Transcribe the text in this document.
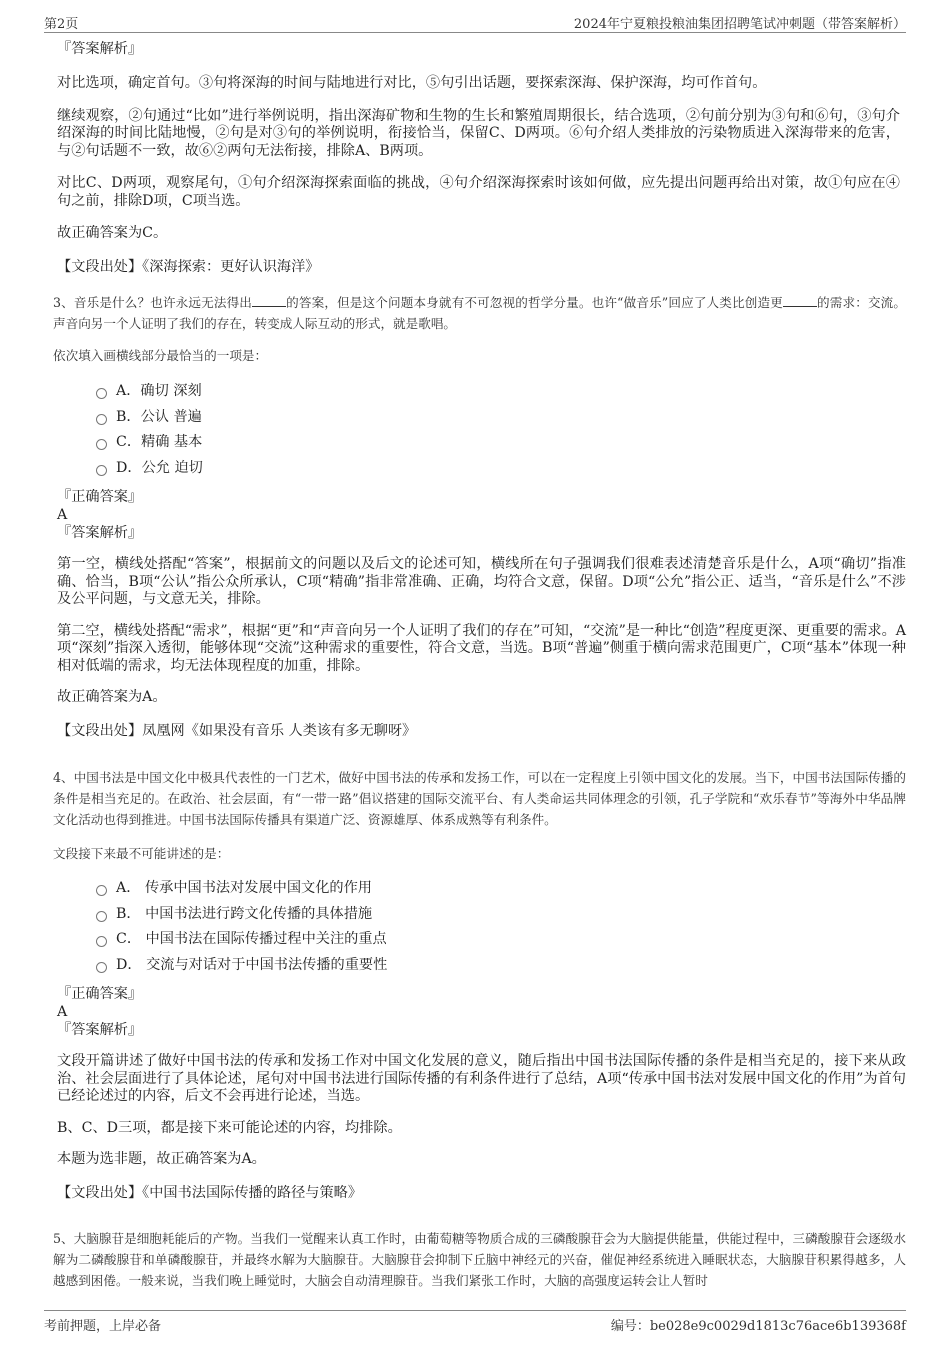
第2页	2024年宁夏粮投粮油集团招聘笔试冲刺题（带答案解析）

『答案解析』

对比选项，确定首句。③句将深海的时间与陆地进行对比，⑤句引出话题，要探索深海、保护深海，均可作首句。

继续观察，②句通过“比如”进行举例说明，指出深海矿物和生物的生长和繁殖周期很长，结合选项，②句前分别为③句和⑥句，③句介绍深海的时间比陆地慢，②句是对③句的举例说明，衔接恰当，保留C、D两项。⑥句介绍人类排放的污染物质进入深海带来的危害，与②句话题不一致，故⑥②两句无法衔接，排除A、B两项。

对比C、D两项，观察尾句，①句介绍深海探索面临的挑战，④句介绍深海探索时该如何做，应先提出问题再给出对策，故①句应在④句之前，排除D项，C项当选。

故正确答案为C。

【文段出处】《深海探索：更好认识海洋》

3、音乐是什么？也许永远无法得出	的答案，但是这个问题本身就有不可忽视的哲学分量。也许“做音乐”回应了人类比创造更	的需求：交流。声音向另一个人证明了我们的存在，转变成人际互动的形式，就是歌唱。

依次填入画横线部分最恰当的一项是：

A．确切 深刻
B．公认 普遍
C．精确 基本
D．公允 迫切

『正确答案』

A

『答案解析』

第一空，横线处搭配“答案”，根据前文的问题以及后文的论述可知，横线所在句子强调我们很难表述清楚音乐是什么，A项“确切”指准确、恰当，B项“公认”指公众所承认，C项“精确”指非常准确、正确，均符合文意，保留。D项“公允”指公正、适当，“音乐是什么”不涉及公平问题，与文意无关，排除。

第二空，横线处搭配“需求”，根据“更”和“声音向另一个人证明了我们的存在”可知，“交流”是一种比“创造”程度更深、更重要的需求。A项“深刻”指深入透彻，能够体现“交流”这种需求的重要性，符合文意，当选。B项“普遍”侧重于横向需求范围更广，C项“基本”体现一种相对低端的需求，均无法体现程度的加重，排除。

故正确答案为A。

【文段出处】凤凰网《如果没有音乐 人类该有多无聊呀》

4、中国书法是中国文化中极具代表性的一门艺术，做好中国书法的传承和发扬工作，可以在一定程度上引领中国文化的发展。当下，中国书法国际传播的条件是相当充足的。在政治、社会层面，有“一带一路”倡议搭建的国际交流平台、有人类命运共同体理念的引领，孔子学院和“欢乐春节”等海外中华品牌文化活动也得到推进。中国书法国际传播具有渠道广泛、资源雄厚、体系成熟等有利条件。

文段接下来最不可能讲述的是：

A． 传承中国书法对发展中国文化的作用
B． 中国书法进行跨文化传播的具体措施
C． 中国书法在国际传播过程中关注的重点
D． 交流与对话对于中国书法传播的重要性

『正确答案』

A

『答案解析』

文段开篇讲述了做好中国书法的传承和发扬工作对中国文化发展的意义，随后指出中国书法国际传播的条件是相当充足的，接下来从政治、社会层面进行了具体论述，尾句对中国书法进行国际传播的有利条件进行了总结，A项“传承中国书法对发展中国文化的作用”为首句已经论述过的内容，后文不会再进行论述，当选。

B、C、D三项，都是接下来可能论述的内容，均排除。

本题为选非题，故正确答案为A。

【文段出处】《中国书法国际传播的路径与策略》

5、大脑腺苷是细胞耗能后的产物。当我们一觉醒来认真工作时，由葡萄糖等物质合成的三磷酸腺苷会为大脑提供能量，供能过程中，三磷酸腺苷会逐级水解为二磷酸腺苷和单磷酸腺苷，并最终水解为大脑腺苷。大脑腺苷会抑制下丘脑中神经元的兴奋，催促神经系统进入睡眠状态，大脑腺苷积累得越多，人越感到困倦。一般来说，当我们晚上睡觉时，大脑会自动清理腺苷。当我们紧张工作时，大脑的高强度运转会让人暂时

考前押题，上岸必备	编号：be028e9c0029d1813c76ace6b139368f
